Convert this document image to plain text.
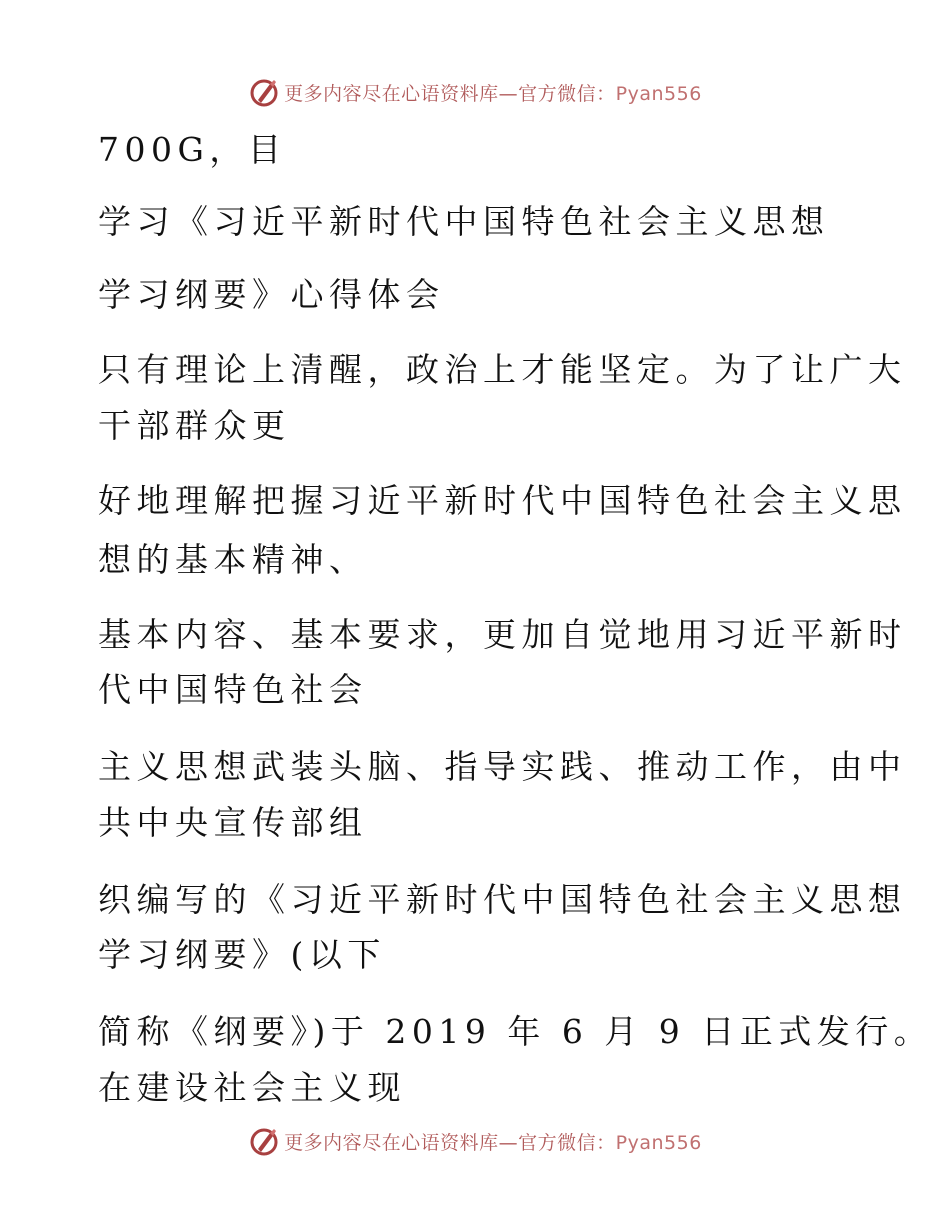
更多内容尽在心语资料库—官方微信：Pyan556
700G，目
学习《习近平新时代中国特色社会主义思想
学习纲要》心得体会
只有理论上清醒，政治上才能坚定。为了让广大
干部群众更
好地理解把握习近平新时代中国特色社会主义思
想的基本精神、
基本内容、基本要求，更加自觉地用习近平新时
代中国特色社会
主义思想武装头脑、指导实践、推动工作，由中
共中央宣传部组
织编写的《习近平新时代中国特色社会主义思想
学习纲要》(以下
简称《纲要》)于 2019 年 6 月 9 日正式发行。
在建设社会主义现
更多内容尽在心语资料库—官方微信：Pyan556
